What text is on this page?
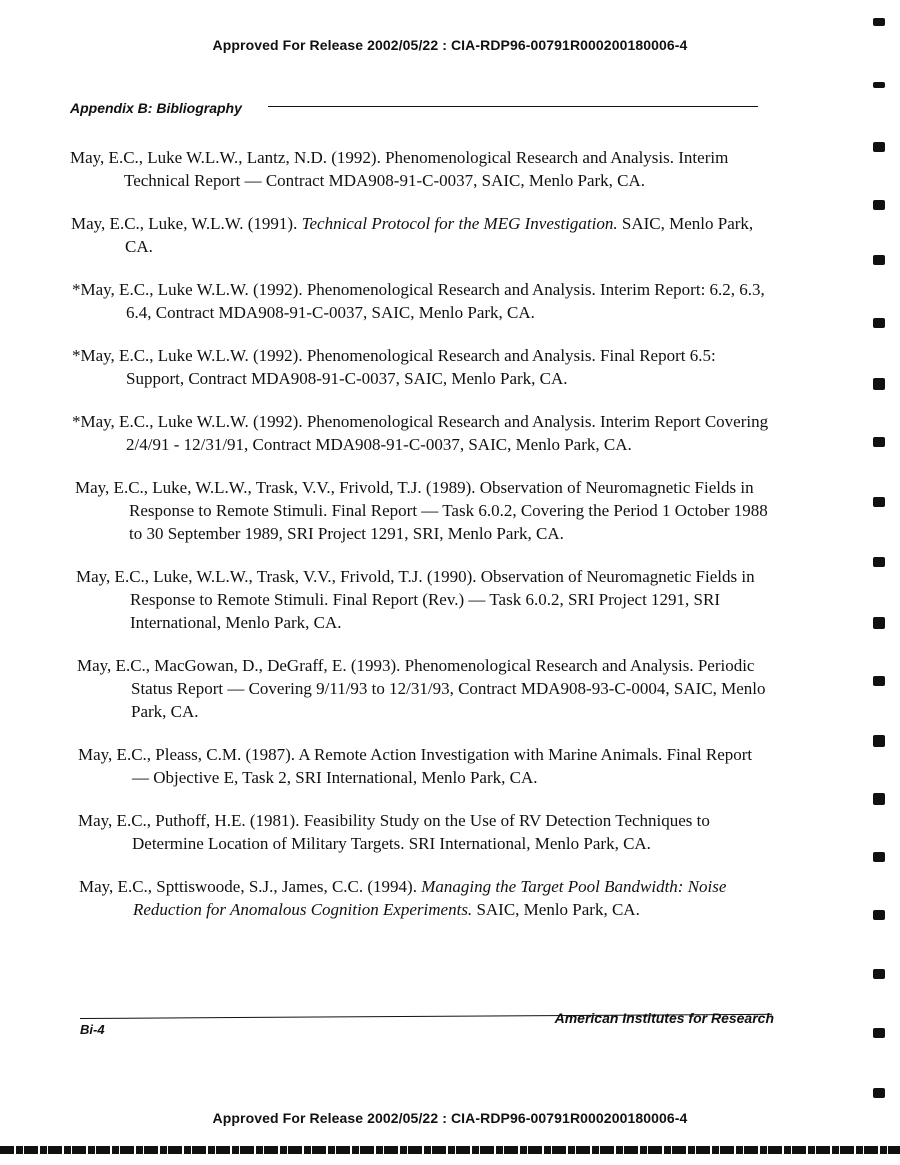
Approved For Release 2002/05/22 : CIA-RDP96-00791R000200180006-4
Appendix B: Bibliography
May, E.C., Luke W.L.W., Lantz, N.D. (1992). Phenomenological Research and Analysis. Interim Technical Report — Contract MDA908-91-C-0037, SAIC, Menlo Park, CA.
May, E.C., Luke, W.L.W. (1991). Technical Protocol for the MEG Investigation. SAIC, Menlo Park, CA.
*May, E.C., Luke W.L.W. (1992). Phenomenological Research and Analysis. Interim Report: 6.2, 6.3, 6.4, Contract MDA908-91-C-0037, SAIC, Menlo Park, CA.
*May, E.C., Luke W.L.W. (1992). Phenomenological Research and Analysis. Final Report 6.5: Support, Contract MDA908-91-C-0037, SAIC, Menlo Park, CA.
*May, E.C., Luke W.L.W. (1992). Phenomenological Research and Analysis. Interim Report Covering 2/4/91 - 12/31/91, Contract MDA908-91-C-0037, SAIC, Menlo Park, CA.
May, E.C., Luke, W.L.W., Trask, V.V., Frivold, T.J. (1989). Observation of Neuromagnetic Fields in Response to Remote Stimuli. Final Report — Task 6.0.2, Covering the Period 1 October 1988 to 30 September 1989, SRI Project 1291, SRI, Menlo Park, CA.
May, E.C., Luke, W.L.W., Trask, V.V., Frivold, T.J. (1990). Observation of Neuromagnetic Fields in Response to Remote Stimuli. Final Report (Rev.) — Task 6.0.2, SRI Project 1291, SRI International, Menlo Park, CA.
May, E.C., MacGowan, D., DeGraff, E. (1993). Phenomenological Research and Analysis. Periodic Status Report — Covering 9/11/93 to 12/31/93, Contract MDA908-93-C-0004, SAIC, Menlo Park, CA.
May, E.C., Pleass, C.M. (1987). A Remote Action Investigation with Marine Animals. Final Report — Objective E, Task 2, SRI International, Menlo Park, CA.
May, E.C., Puthoff, H.E. (1981). Feasibility Study on the Use of RV Detection Techniques to Determine Location of Military Targets. SRI International, Menlo Park, CA.
May, E.C., Spttiswoode, S.J., James, C.C. (1994). Managing the Target Pool Bandwidth: Noise Reduction for Anomalous Cognition Experiments. SAIC, Menlo Park, CA.
Bi-4
American Institutes for Research
Approved For Release 2002/05/22 : CIA-RDP96-00791R000200180006-4
